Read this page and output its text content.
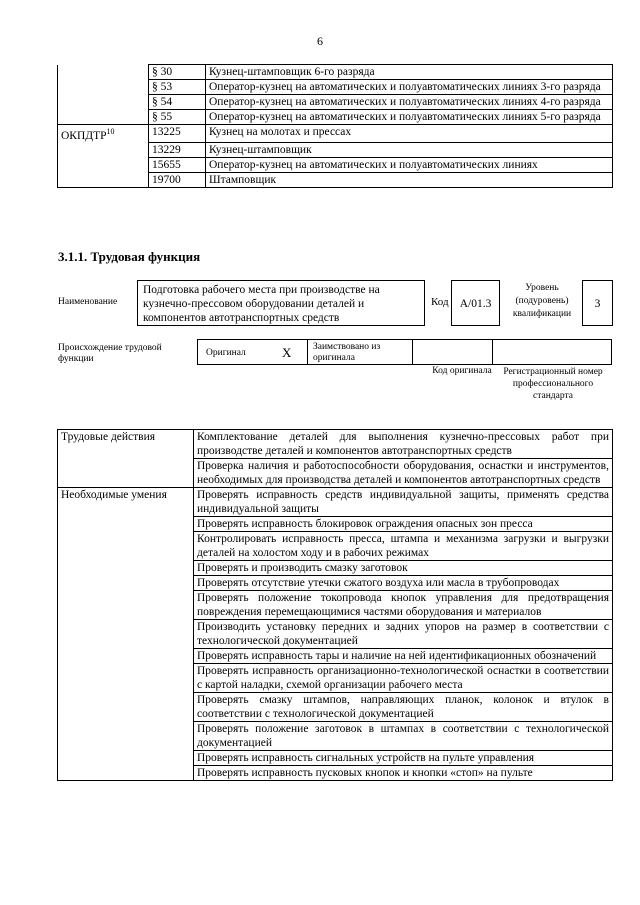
6
	§ 30	Кузнец-штамповщик 6-го разряда
	§ 53	Оператор-кузнец на автоматических и полуавтоматических линиях 3-го разряда
	§ 54	Оператор-кузнец на автоматических и полуавтоматических линиях 4-го разряда
	§ 55	Оператор-кузнец на автоматических и полуавтоматических линиях 5-го разряда
ОКПДТР$^{10}$	13225	Кузнец на молотах и прессах
	13229	Кузнец-штамповщик
	15655	Оператор-кузнец на автоматических и полуавтоматических линиях
	19700	Штамповщик
3.1.1. Трудовая функция
Наименование
Подготовка рабочего места при производстве на кузнечно-прессовом оборудовании деталей и компонентов автотранспортных средств
Код A/01.3
Уровень (подуровень) квалификации
3
Происхождение трудовой функции
Оригинал	X Заимствовано из оригинала
Код оригинала	Регистрационный номер профессионального стандарта
Трудовые действия	Комплектование деталей для выполнения кузнечно-прессовых работ при производстве деталей и компонентов автотранспортных средств
	Проверка наличия и работоспособности оборудования, оснастки и инструментов, необходимых для производства деталей и компонентов автотранспортных средств
Необходимые умения	Проверять исправность средств индивидуальной защиты, применять средства индивидуальной защиты
	Проверять исправность блокировок ограждения опасных зон пресса
	Контролировать исправность пресса, штампа и механизма загрузки и выгрузки деталей на холостом ходу и в рабочих режимах
	Проверять и производить смазку заготовок
	Проверять отсутствие утечки сжатого воздуха или масла в трубопроводах
	Проверять положение токопровода кнопок управления для предотвращения повреждения перемещающимися частями оборудования и материалов
	Производить установку передних и задних упоров на размер в соответствии с технологической документацией
	Проверять исправность тары и наличие на ней идентификационных обозначений
	Проверять исправность организационно-технологической оснастки в соответствии с картой наладки, схемой организации рабочего места
	Проверять смазку штампов, направляющих планок, колонок и втулок в соответствии с технологической документацией
	Проверять положение заготовок в штампах в соответствии с технологической документацией
	Проверять исправность сигнальных устройств на пульте управления
	Проверять исправность пусковых кнопок и кнопки «стоп» на пульте
